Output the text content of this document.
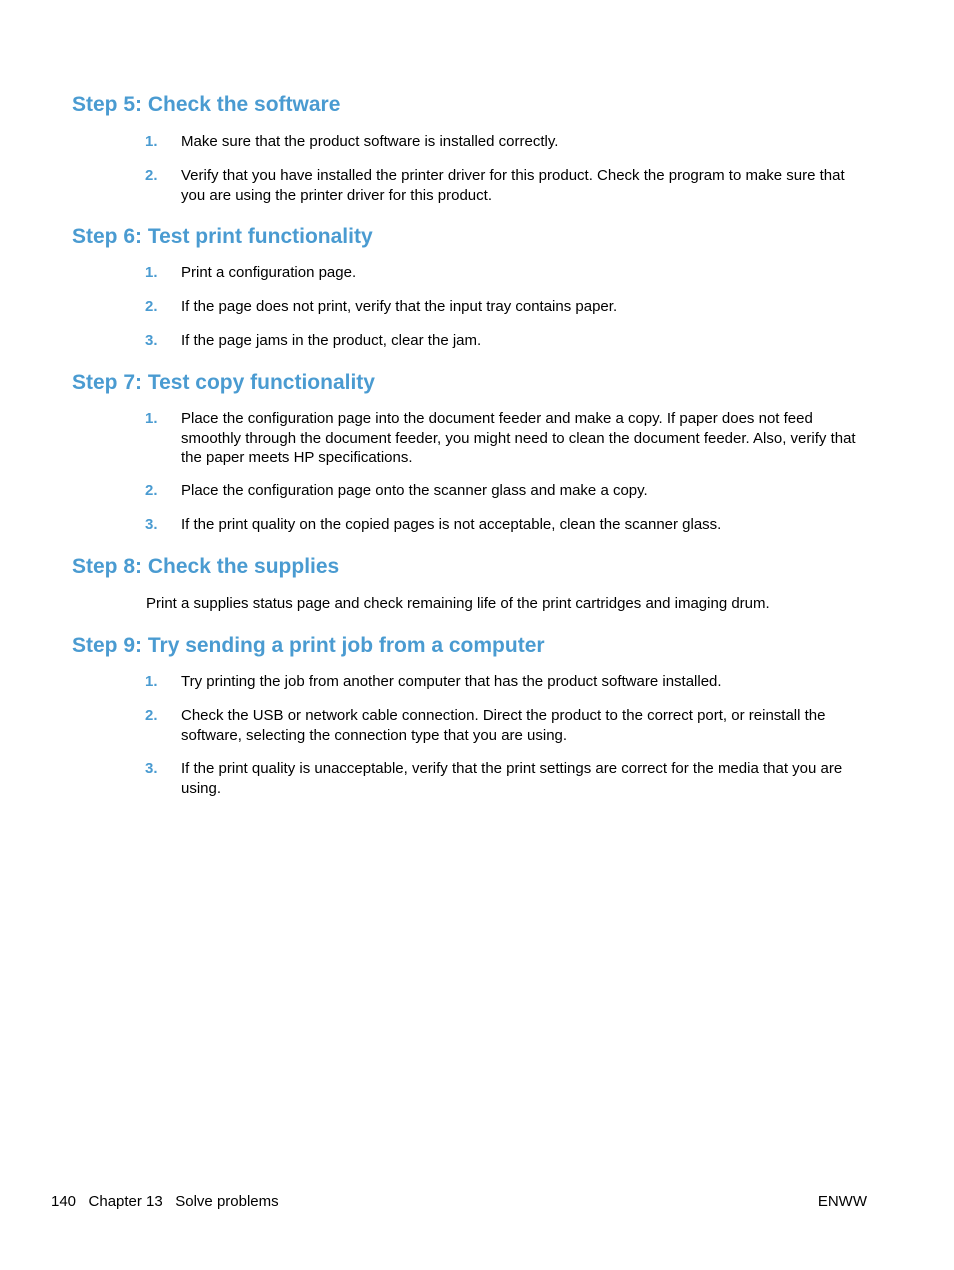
Step 5: Check the software
1. Make sure that the product software is installed correctly.
2. Verify that you have installed the printer driver for this product. Check the program to make sure that you are using the printer driver for this product.
Step 6: Test print functionality
1. Print a configuration page.
2. If the page does not print, verify that the input tray contains paper.
3. If the page jams in the product, clear the jam.
Step 7: Test copy functionality
1. Place the configuration page into the document feeder and make a copy. If paper does not feed smoothly through the document feeder, you might need to clean the document feeder. Also, verify that the paper meets HP specifications.
2. Place the configuration page onto the scanner glass and make a copy.
3. If the print quality on the copied pages is not acceptable, clean the scanner glass.
Step 8: Check the supplies

Print a supplies status page and check remaining life of the print cartridges and imaging drum.

Step 9: Try sending a print job from a computer
1. Try printing the job from another computer that has the product software installed.
2. Check the USB or network cable connection. Direct the product to the correct port, or reinstall the software, selecting the connection type that you are using.
3. If the print quality is unacceptable, verify that the print settings are correct for the media that you are using.
140   Chapter 13   Solve problems	ENWW
